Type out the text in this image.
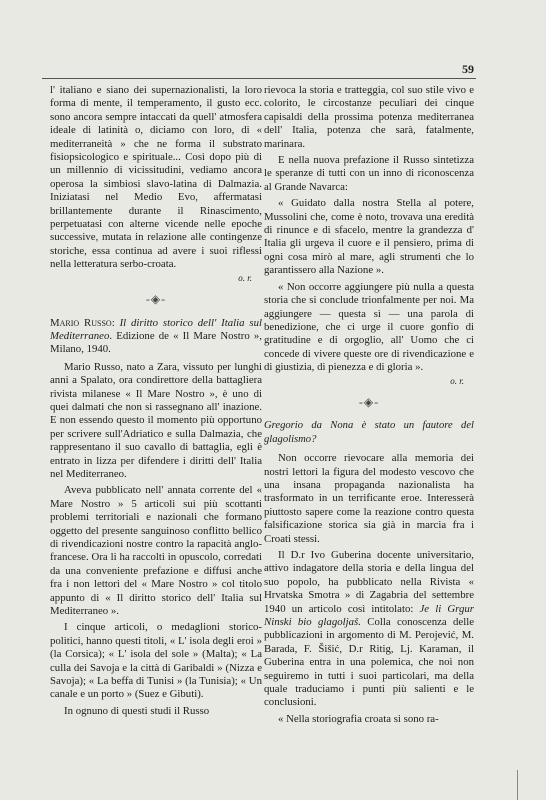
59

l' italiano e siano dei supernazionalisti, la loro forma di mente, il temperamento, il gusto ecc. sono ancora sempre intaccati da quell' atmosfera ideale di latinità o, diciamo con loro, di « mediterraneità » che ne forma il substrato fisiopsicologico e spirituale... Così dopo più di un millennio di vicissitudini, vediamo ancora operosa la simbiosi slavo-latina di Dalmazia. Iniziatasi nel Medio Evo, affermatasi brillantemente durante il Rinascimento, perpetuatasi con alterne vicende nelle epoche successive, mutata in relazione alle contingenze storiche, essa continua ad avere i suoi riflessi nella letteratura serbo-croata.

o. r.

-◈-

Mario Russo: Il diritto storico dell' Italia sul Mediterraneo. Edizione de « Il Mare Nostro », Milano, 1940.

Mario Russo, nato a Zara, vissuto per lunghi anni a Spalato, ora condirettore della battagliera rivista milanese « Il Mare Nostro », è uno di quei dalmati che non si rassegnano all' inazione. E non essendo questo il momento più opportuno per scrivere sull'Adriatico e sulla Dalmazia, che rappresentano il suo cavallo di battaglia, egli è entrato in lizza per difendere i diritti dell' Italia nel Mediterraneo.

Aveva pubblicato nell' annata corrente del « Mare Nostro » 5 articoli sui più scottanti problemi territoriali e nazionali che formano oggetto del presente sanguinoso conflitto bellico di rivendicazioni nostre contro la rapacità anglo-francese. Ora li ha raccolti in opuscolo, corredati da una conveniente prefazione e diffusi anche fra i non lettori del « Mare Nostro » col titolo appunto di « Il diritto storico dell' Italia sul Mediterraneo ».

I cinque articoli, o medaglioni storico-politici, hanno questi titoli, « L' isola degli eroi » (la Corsica); « L' isola del sole » (Malta); « La culla dei Savoja e la città di Garibaldi » (Nizza e Savoja); « La beffa di Tunisi » (la Tunisia); « Un canale e un porto » (Suez e Gibuti).

In ognuno di questi studi il Russo

rievoca la storia e tratteggia, col suo stile vivo e colorito, le circostanze peculiari dei cinque capisaldi della prossima potenza mediterranea dell' Italia, potenza che sarà, fatalmente, marinara.

E nella nuova prefazione il Russo sintetizza le speranze di tutti con un inno di riconoscenza al Grande Navarca:

« Guidato dalla nostra Stella al potere, Mussolini che, come è noto, trovava una eredità di rinunce e di sfacelo, mentre la grandezza d' Italia gli urgeva il cuore e il pensiero, prima di ogni cosa mirò al mare, agli strumenti che lo garantissero alla Nazione ».

« Non occorre aggiungere più nulla a questa storia che si conclude trionfalmente per noi. Ma aggiungere — questa sì — una parola di benedizione, che ci urge il cuore gonfio di gratitudine e di orgoglio, all' Uomo che ci concede di vivere queste ore di rivendicazione e di giustizia, di pienezza e di gloria ».

o. r.

-◈-

Gregorio da Nona è stato un fautore del glagolismo?

Non occorre rievocare alla memoria dei nostri lettori la figura del modesto vescovo che una insana propaganda nazionalista ha trasformato in un terrificante eroe. Interesserà piuttosto sapere come la reazione contro questa falsificazione storica sia già in marcia fra i Croati stessi.

Il D.r Ivo Guberina docente universitario, attivo indagatore della storia e della lingua del suo popolo, ha pubblicato nella Rivista « Hrvatska Smotra » di Zagabria del settembre 1940 un articolo così intitolato: Je li Grgur Ninski bio glagoljaš. Colla conoscenza delle pubblicazioni in argomento di M. Perojević, M. Barada, F. Šišić, D.r Ritig, Lj. Karaman, il Guberina entra in una polemica, che noi non seguiremo in tutti i suoi particolari, ma della quale traduciamo i punti più salienti e le conclusioni.

« Nella storiografia croata si sono ra-
